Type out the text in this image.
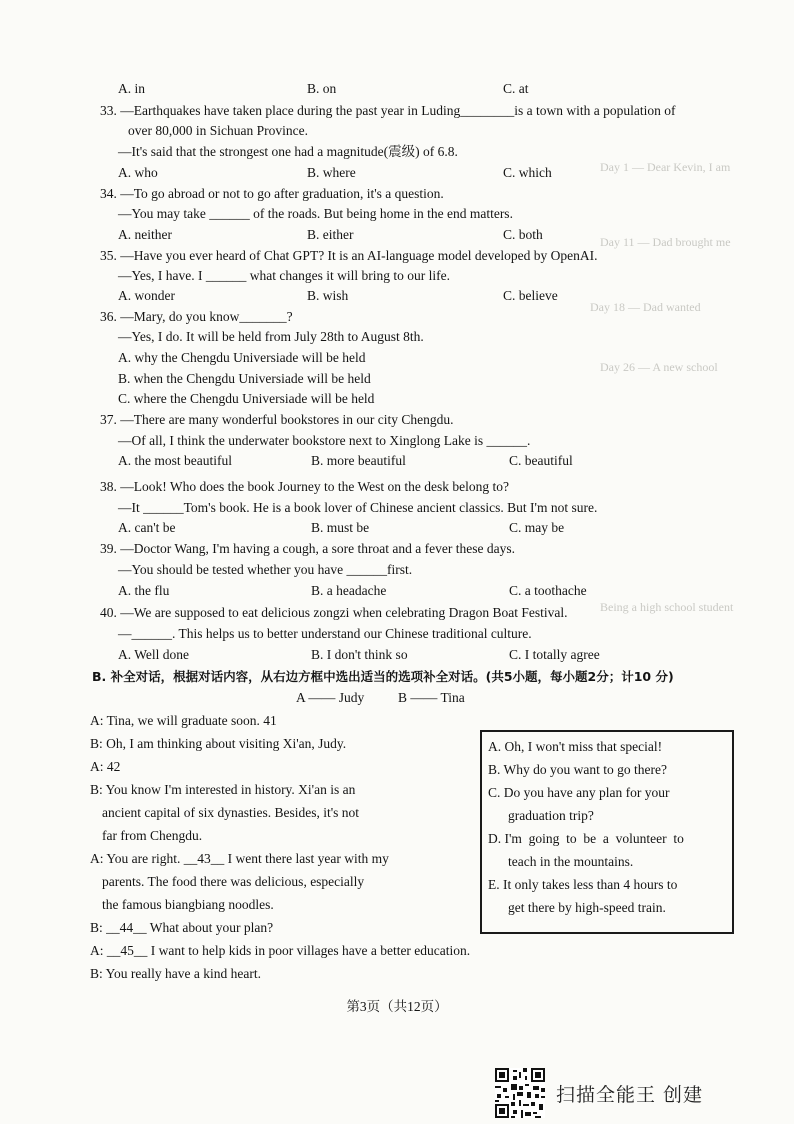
Day 1 — Dear Kevin, I am
Day 11 — Dad brought me
Day 18 — Dad wanted
Day 26 — A new school
Being a high school student
A. in	B. on	C. at
33. —Earthquakes have taken place during the past year in Luding________is a town with a population of
over 80,000 in Sichuan Province.
—It's said that the strongest one had a magnitude(震级) of 6.8.
A. who	B. where	C. which
34. —To go abroad or not to go after graduation, it's a question.
—You may take ______ of the roads. But being home in the end matters.
A. neither	B. either	C. both
35. —Have you ever heard of Chat GPT? It is an AI-language model developed by OpenAI.
—Yes, I have. I ______ what changes it will bring to our life.
A. wonder	B. wish	C. believe
36. —Mary, do you know_______?
—Yes, I do. It will be held from July 28th to August 8th.
A. why the Chengdu Universiade will be held
B. when the Chengdu Universiade will be held
C. where the Chengdu Universiade will be held
37. —There are many wonderful bookstores in our city Chengdu.
—Of all, I think the underwater bookstore next to Xinglong Lake is ______.
A. the most beautiful	B. more beautiful	C. beautiful
38. —Look! Who does the book Journey to the West on the desk belong to?
—It ______Tom's book. He is a book lover of Chinese ancient classics. But I'm not sure.
A. can't be	B. must be	C. may be
39. —Doctor Wang, I'm having a cough, a sore throat and a fever these days.
—You should be tested whether you have ______first.
A. the flu	B. a headache	C. a toothache
40. —We are supposed to eat delicious zongzi when celebrating Dragon Boat Festival.
—______. This helps us to better understand our Chinese traditional culture.
A. Well done	B. I don't think so	C. I totally agree
B. 补全对话，根据对话内容，从右边方框中选出适当的选项补全对话。(共5小题，每小题2分；计10 分)
A —— Judy          B —— Tina
A: Tina, we will graduate soon. 41
B: Oh, I am thinking about visiting Xi'an, Judy.
A: 42
B: You know I'm interested in history. Xi'an is an
ancient capital of six dynasties. Besides, it's not
far from Chengdu.
A: You are right. __43__ I went there last year with my
parents. The food there was delicious, especially
the famous biangbiang noodles.
B: __44__ What about your plan?
A: __45__ I want to help kids in poor villages have a better education.
B: You really have a kind heart.
A. Oh, I won't miss that special!
B. Why do you want to go there?
C. Do you have any plan for your
graduation trip?
D. I'm  going  to  be  a  volunteer  to
teach in the mountains.
E. It only takes less than 4 hours to
get there by high-speed train.
第3页（共12页）
扫描全能王 创建
